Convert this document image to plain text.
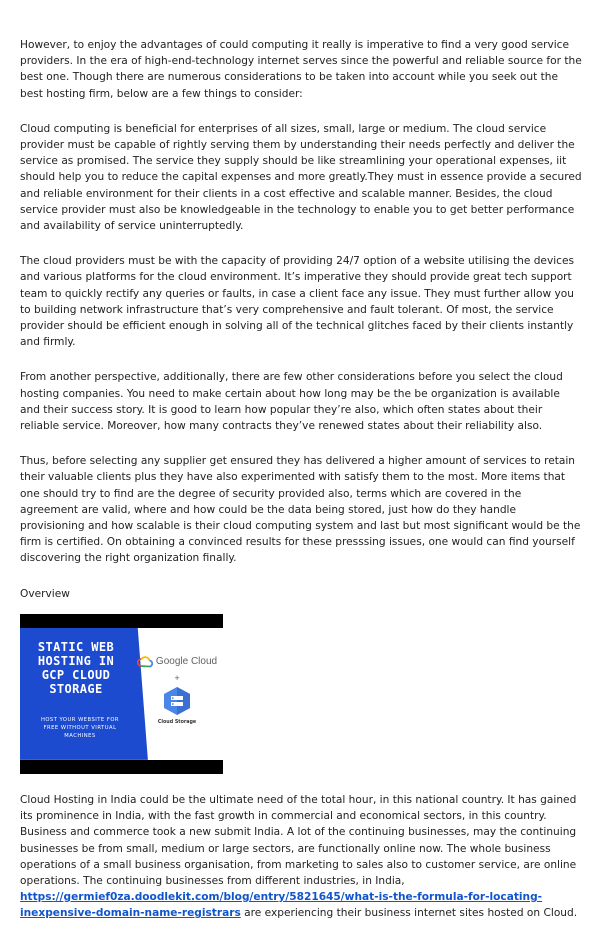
However, to enjoy the advantages of could computing it really is imperative to find a very good service providers. In the era of high-end-technology internet serves since the powerful and reliable source for the best one. Though there are numerous considerations to be taken into account while you seek out the best hosting firm, below are a few things to consider:

Cloud computing is beneficial for enterprises of all sizes, small, large or medium. The cloud service provider must be capable of rightly serving them by understanding their needs perfectly and deliver the service as promised. The service they supply should be like streamlining your operational expenses, iit should help you to reduce the capital expenses and more greatly.They must in essence provide a secured and reliable environment for their clients in a cost effective and scalable manner. Besides, the cloud service provider must also be knowledgeable in the technology to enable you to get better performance and availability of service uninterruptedly.

The cloud providers must be with the capacity of providing 24/7 option of a website utilising the devices and various platforms for the cloud environment. It’s imperative they should provide great tech support team to quickly rectify any queries or faults, in case a client face any issue. They must further allow you to building network infrastructure that’s very comprehensive and fault tolerant. Of most, the service provider should be efficient enough in solving all of the technical glitches faced by their clients instantly and firmly.

From another perspective, additionally, there are few other considerations before you select the cloud hosting companies. You need to make certain about how long may be the be organization is available and their success story. It is good to learn how popular they’re also, which often states about their reliable service. Moreover, how many contracts they’ve renewed states about their reliability also.

Thus, before selecting any supplier get ensured they has delivered a higher amount of services to retain their valuable clients plus they have also experimented with satisfy them to the most. More items that one should try to find are the degree of security provided also, terms which are covered in the agreement are valid, where and how could be the data being stored, just how do they handle provisioning and how scalable is their cloud computing system and last but most significant would be the firm is certified. On obtaining a convinced results for these presssing issues, one would can find yourself discovering the right organization finally.

Overview

STATIC WEB
HOSTING IN
GCP CLOUD
STORAGE
HOST YOUR WEBSITE FOR
FREE WITHOUT VIRTUAL
MACHINES
Google Cloud
+
Cloud Storage

Cloud Hosting in India could be the ultimate need of the total hour, in this national country. It has gained its prominence in India, with the fast growth in commercial and economical sectors, in this country. Business and commerce took a new submit India. A lot of the continuing businesses, may the continuing businesses be from small, medium or large sectors, are functionally online now. The whole business operations of a small business organisation, from marketing to sales also to customer service, are online operations. The continuing businesses from different industries, in India, https://germief0za.doodlekit.com/blog/entry/5821645/what-is-the-formula-for-locating-inexpensive-domain-name-registrars are experiencing their business internet sites hosted on Cloud.
